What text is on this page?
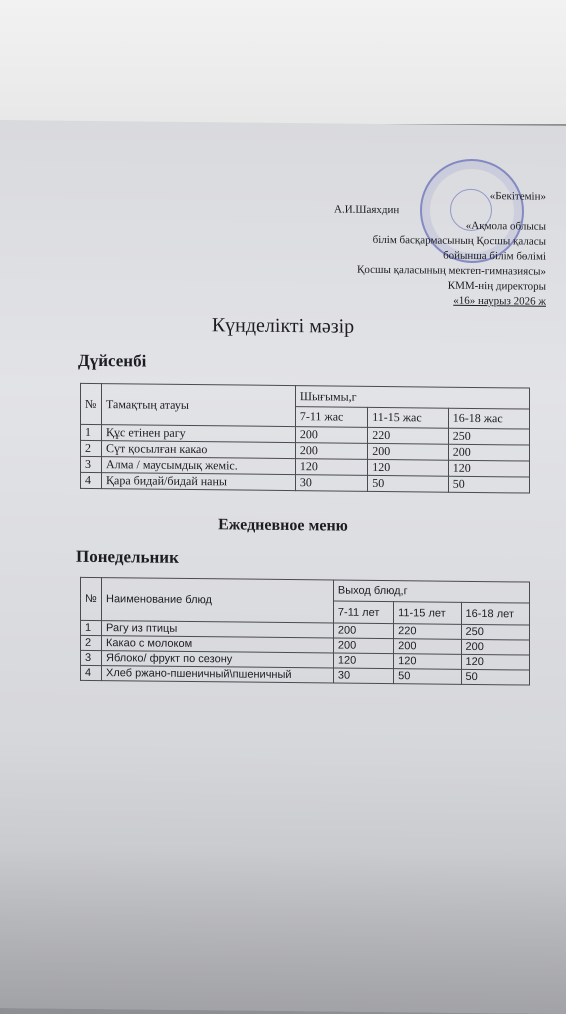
«Бекітемін»
А.И.Шаяхдин
«Ақмола облысы
білім басқармасының Қосшы қаласы
бойынша білім бөлімі
Қосшы қаласының мектеп-гимназиясы»
КММ-нің директоры
«16» наурыз 2026 ж
Күнделікті мәзір
Дүйсенбі
№	Тамақтың атауы	Шығымы,г		
		7-11 жас	11-15 жас	16-18 жас
1	Құс етінен рагу	200	220	250
2	Сүт қосылған какао	200	200	200
3	Алма / маусымдық жеміс.	120	120	120
4	Қара бидай/бидай наны	30	50	50
Ежедневное меню
Понедельник
№	Наименование блюд	Выход блюд,г		
		7-11 лет	11-15 лет	16-18 лет
1	Рагу из птицы	200	220	250
2	Какао с молоком	200	200	200
3	Яблоко/ фрукт по сезону	120	120	120
4	Хлеб ржано-пшеничный\пшеничный	30	50	50
